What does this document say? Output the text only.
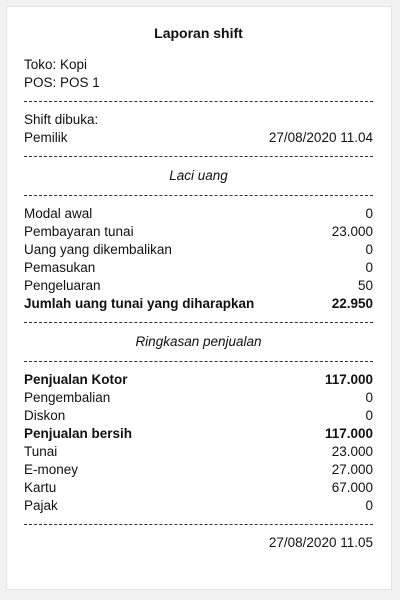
Laporan shift
Toko: Kopi
POS: POS 1
Shift dibuka:
Pemilik	27/08/2020 11.04
Laci uang
Modal awal	0
Pembayaran tunai	23.000
Uang yang dikembalikan	0
Pemasukan	0
Pengeluaran	50
Jumlah uang tunai yang diharapkan	22.950
Ringkasan penjualan
Penjualan Kotor	117.000
Pengembalian	0
Diskon	0
Penjualan bersih	117.000
Tunai	23.000
E-money	27.000
Kartu	67.000
Pajak	0
27/08/2020 11.05
